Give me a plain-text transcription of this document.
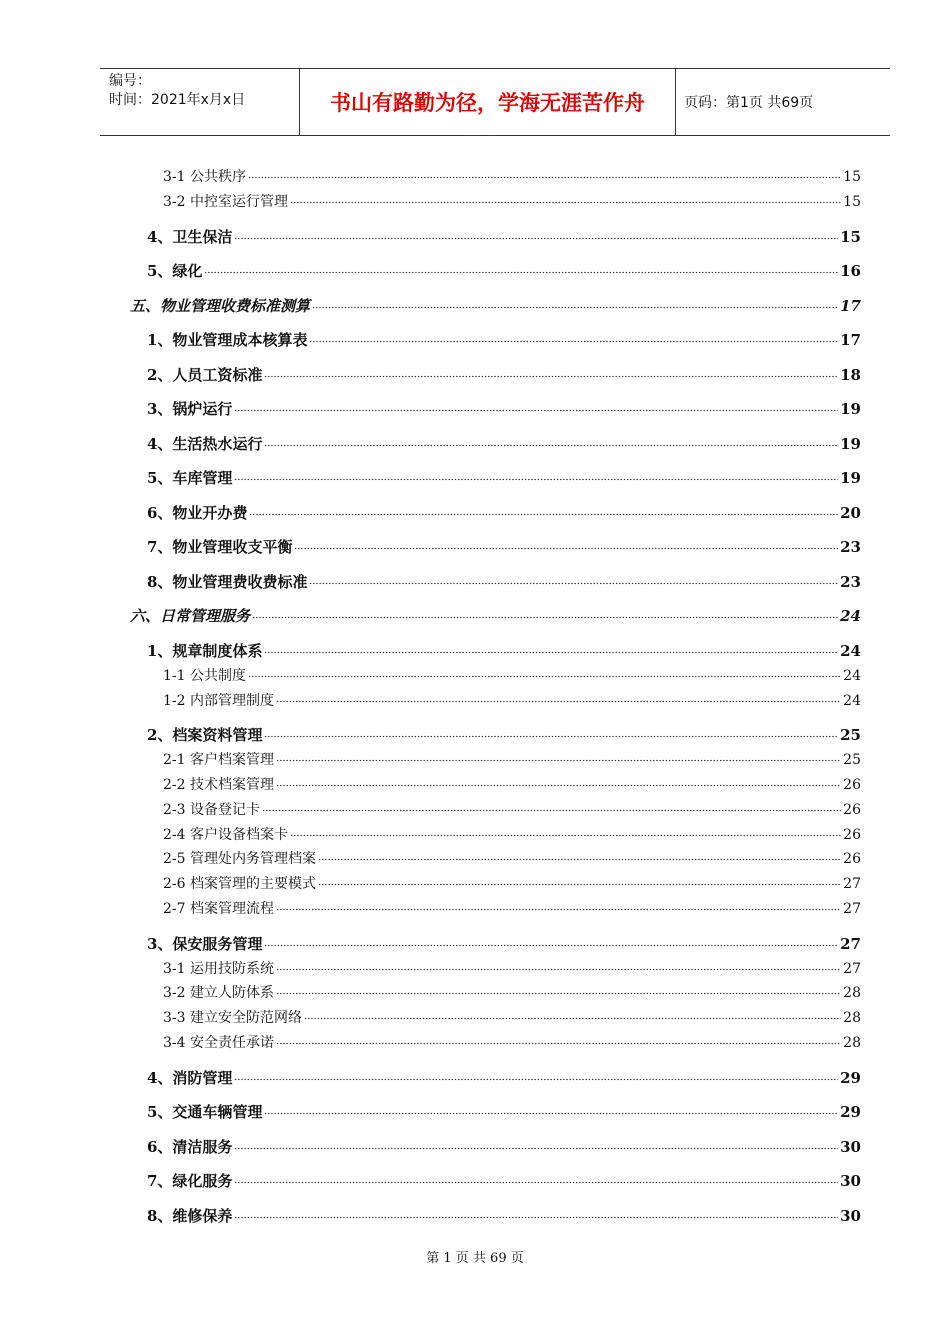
编号：
时间：2021年x月x日	书山有路勤为径，学海无涯苦作舟	页码：第1页 共69页
3-1 公共秩序	15
3-2 中控室运行管理	15
4、卫生保洁	15
5、绿化	16
五、物业管理收费标准测算	17
1、物业管理成本核算表	17
2、人员工资标准	18
3、锅炉运行	19
4、生活热水运行	19
5、车库管理	19
6、物业开办费	20
7、物业管理收支平衡	23
8、物业管理费收费标准	23
六、日常管理服务	24
1、规章制度体系	24
1-1 公共制度	24
1-2 内部管理制度	24
2、档案资料管理	25
2-1 客户档案管理	25
2-2 技术档案管理	26
2-3 设备登记卡	26
2-4 客户设备档案卡	26
2-5 管理处内务管理档案	26
2-6 档案管理的主要模式	27
2-7 档案管理流程	27
3、保安服务管理	27
3-1 运用技防系统	27
3-2 建立人防体系	28
3-3 建立安全防范网络	28
3-4 安全责任承诺	28
4、消防管理	29
5、交通车辆管理	29
6、清洁服务	30
7、绿化服务	30
8、维修保养	30
第 1 页 共 69 页
